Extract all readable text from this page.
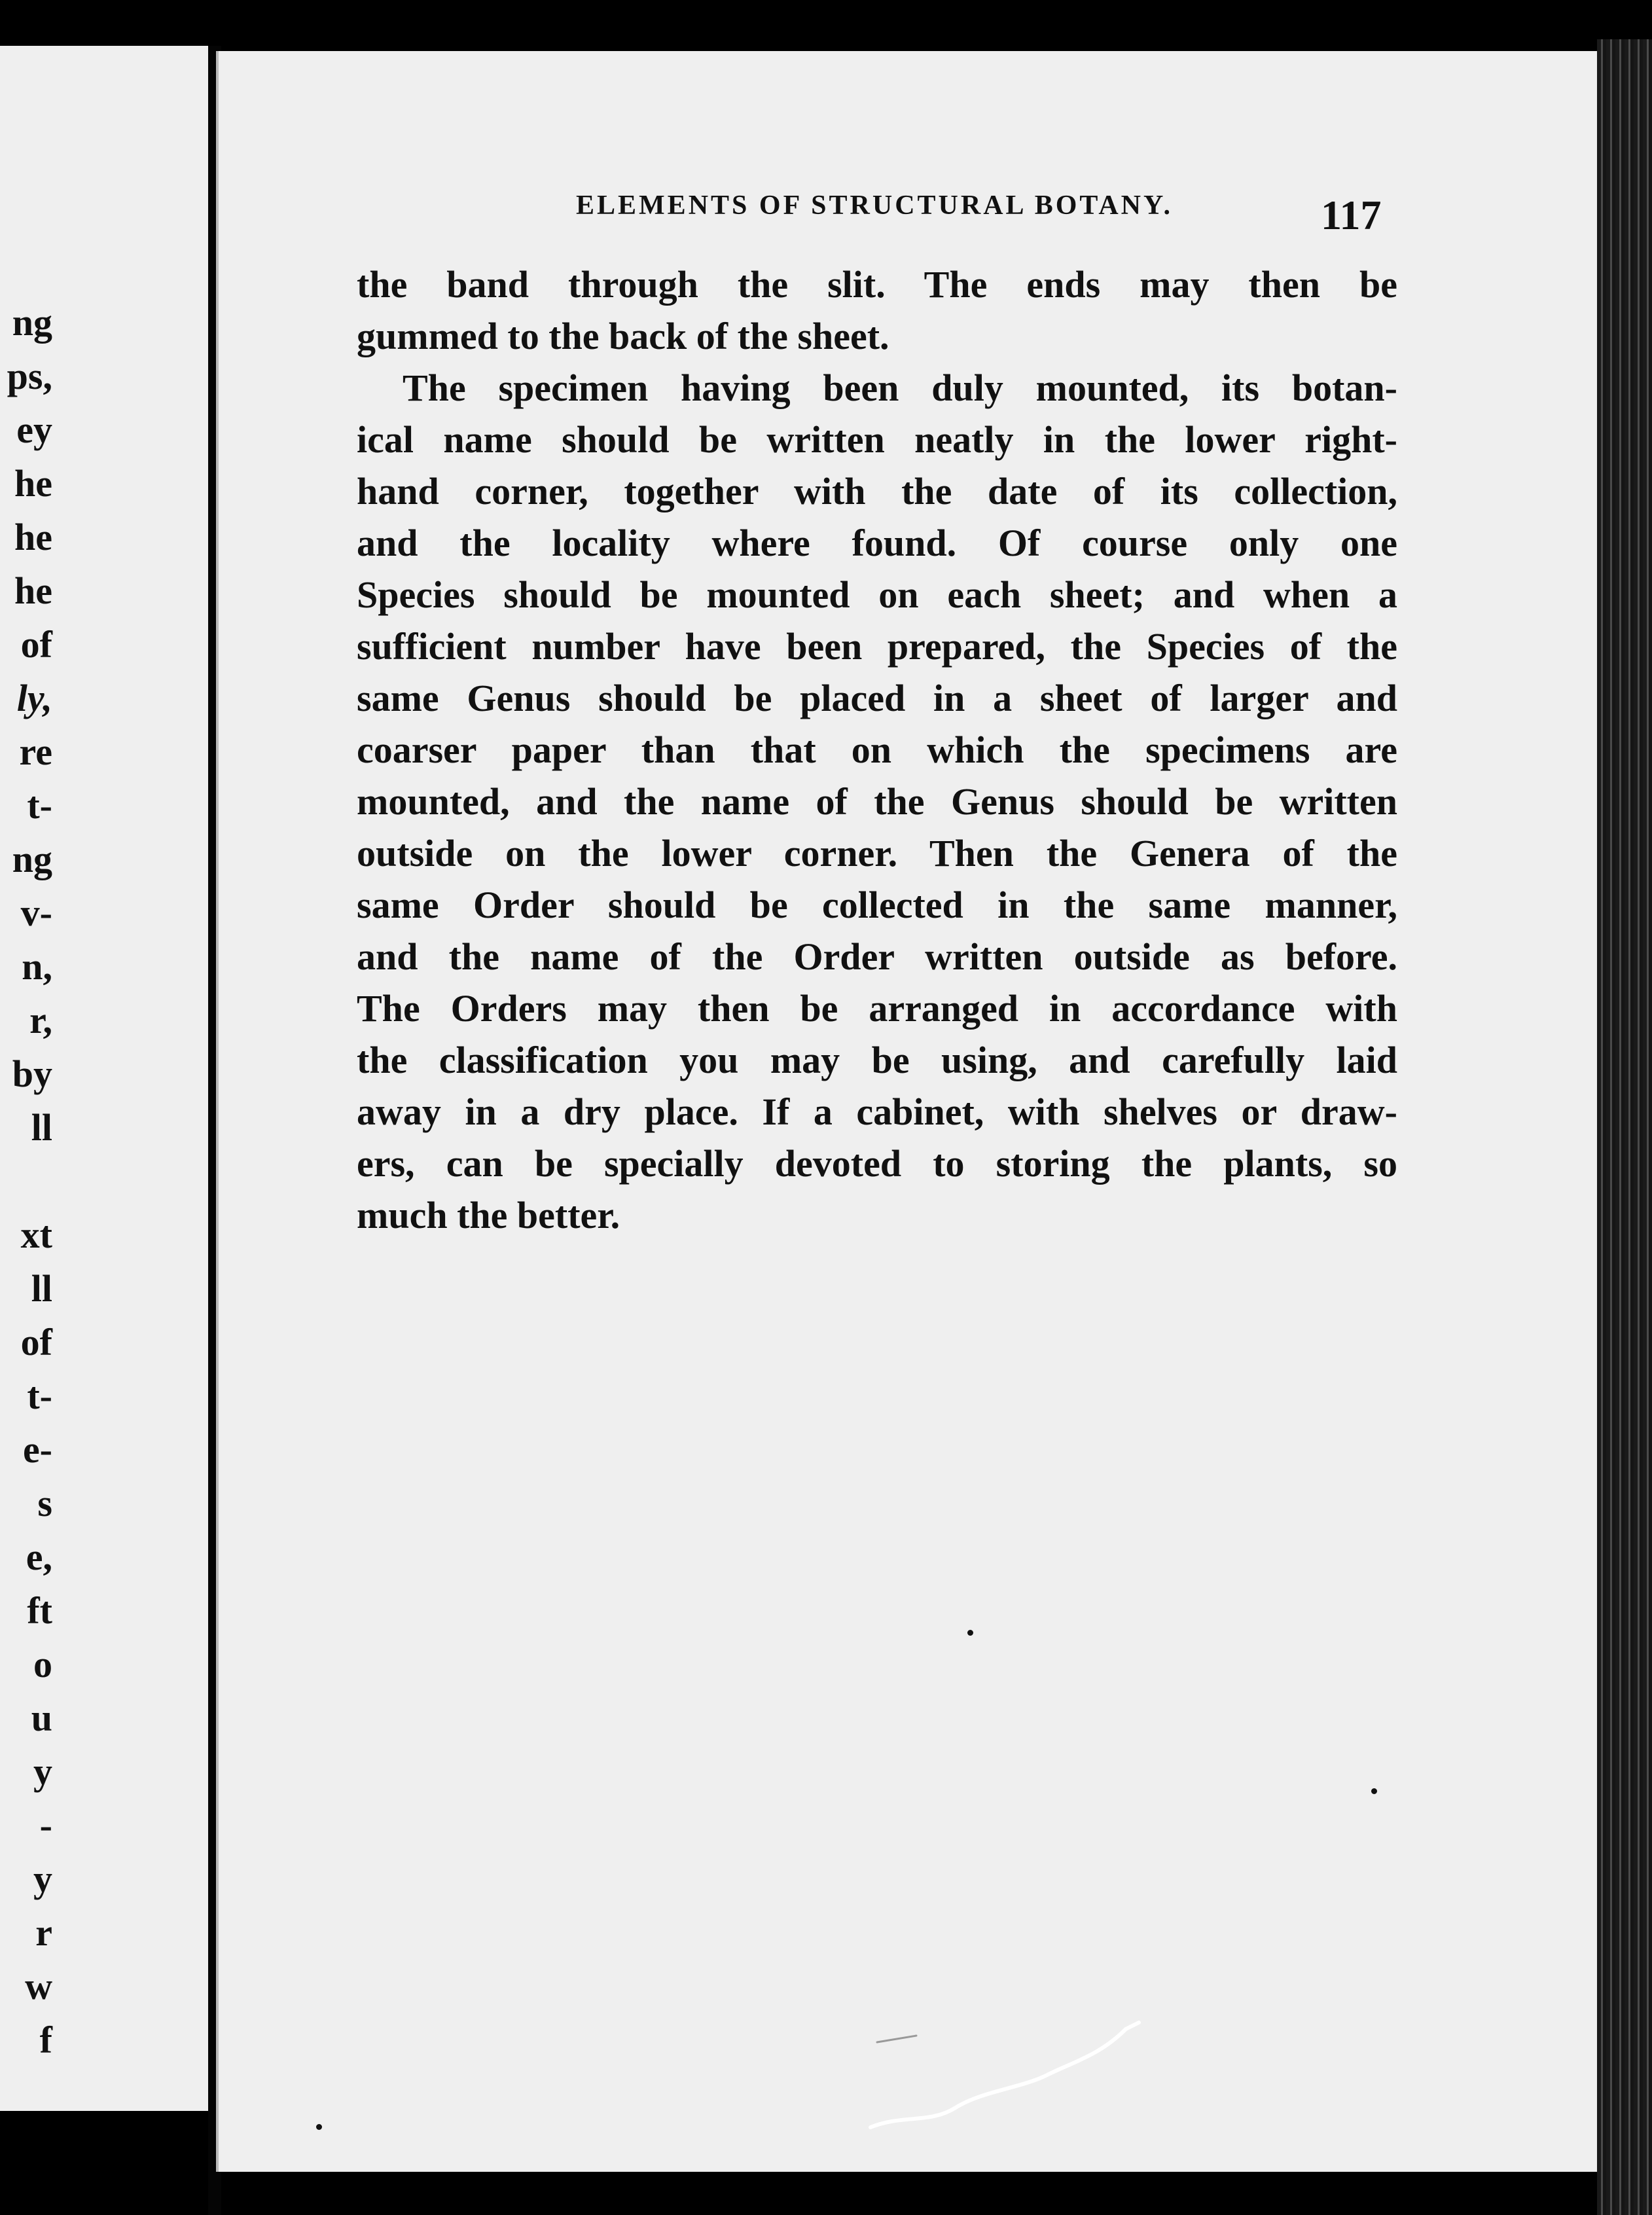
ng
ps,
ey
he
he
he
of
ly,
re
t-
ng
v-
n,
r,
by
ll
xt
ll
of
t-
e-
s
e,
ft
o
u
y
-
y
r
w
f
ELEMENTS OF STRUCTURAL BOTANY.	117
the band through the slit. The ends may then be
gummed to the back of the sheet.
The specimen having been duly mounted, its botan-
ical name should be written neatly in the lower right-
hand corner, together with the date of its collection,
and the locality where found. Of course only one
Species should be mounted on each sheet; and when a
sufficient number have been prepared, the Species of the
same Genus should be placed in a sheet of larger and
coarser paper than that on which the specimens are
mounted, and the name of the Genus should be written
outside on the lower corner. Then the Genera of the
same Order should be collected in the same manner,
and the name of the Order written outside as before.
The Orders may then be arranged in accordance with
the classification you may be using, and carefully laid
away in a dry place. If a cabinet, with shelves or draw-
ers, can be specially devoted to storing the plants, so
much the better.
